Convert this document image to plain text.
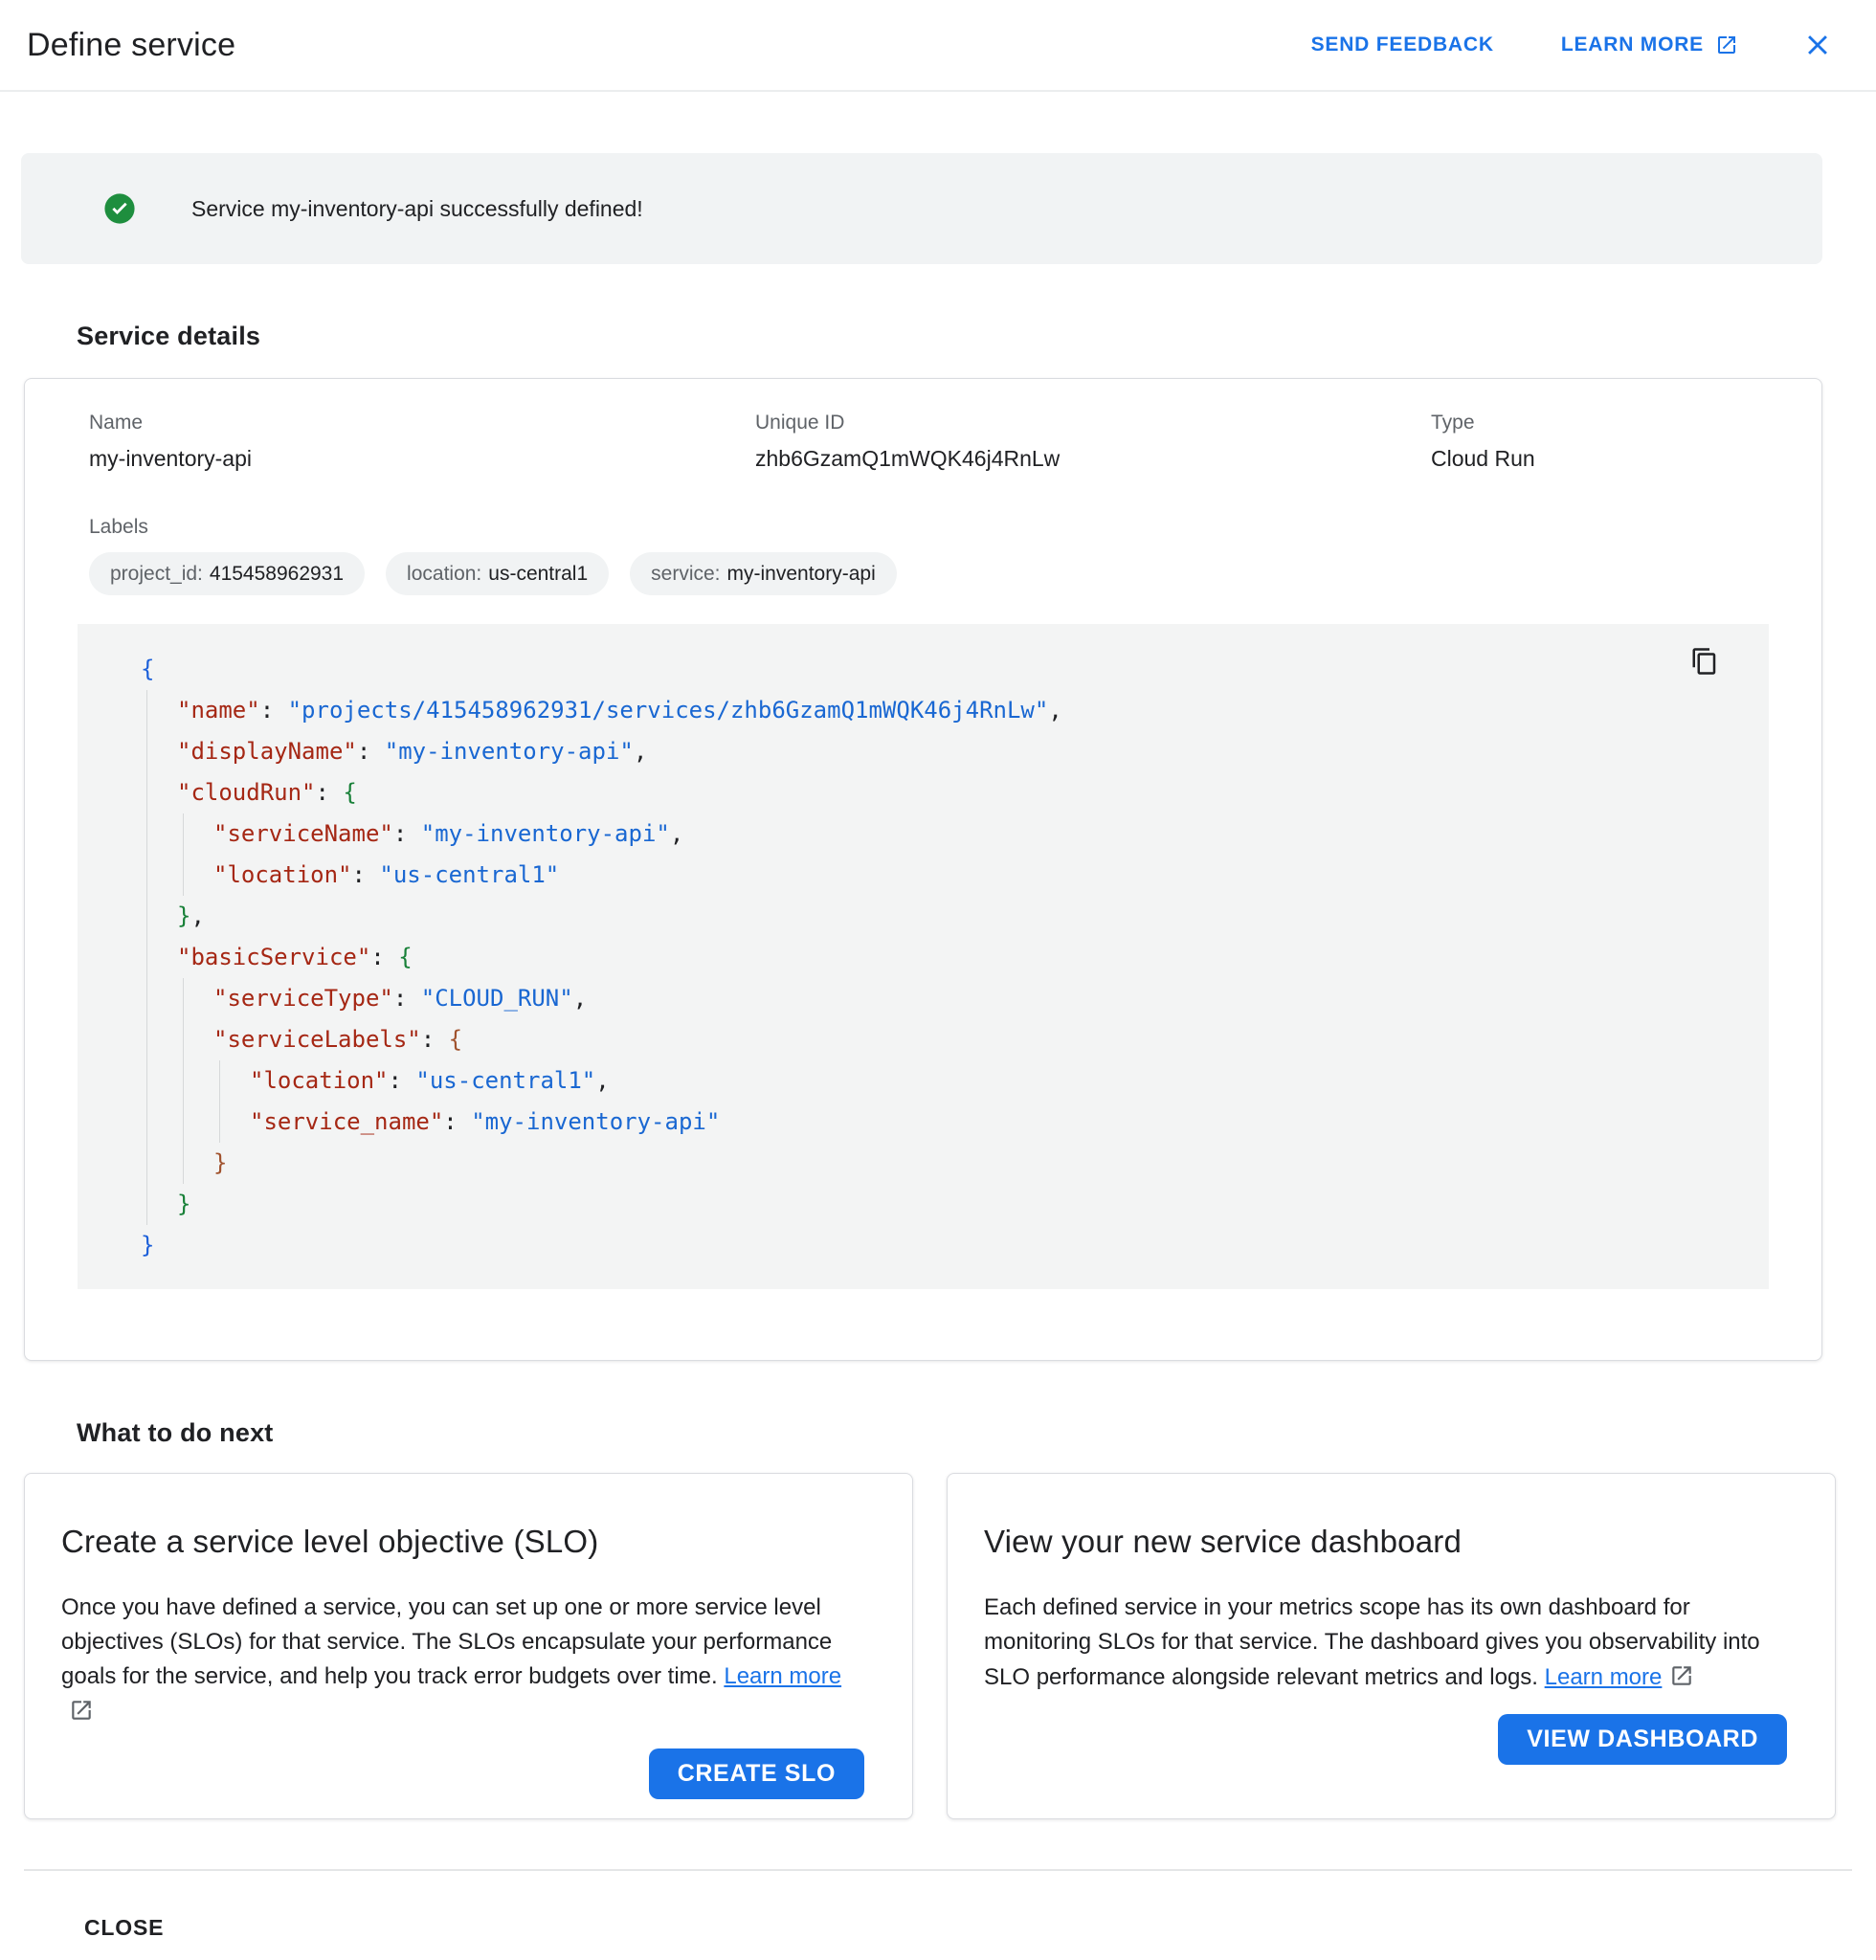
Define service	SEND FEEDBACK	LEARN MORE
Service my-inventory-api successfully defined!
Service details
Name
my-inventory-api
Unique ID
zhb6GzamQ1mWQK46j4RnLw
Type
Cloud Run
Labels
project_id: 415458962931	location: us-central1	service: my-inventory-api
{
"name": "projects/415458962931/services/zhb6GzamQ1mWQK46j4RnLw",
"displayName": "my-inventory-api",
"cloudRun": {
"serviceName": "my-inventory-api",
"location": "us-central1"
},
"basicService": {
"serviceType": "CLOUD_RUN",
"serviceLabels": {
"location": "us-central1",
"service_name": "my-inventory-api"
}
}
}
What to do next
Create a service level objective (SLO)
Once you have defined a service, you can set up one or more service level objectives (SLOs) for that service. The SLOs encapsulate your performance goals for the service, and help you track error budgets over time. Learn more
CREATE SLO
View your new service dashboard
Each defined service in your metrics scope has its own dashboard for monitoring SLOs for that service. The dashboard gives you observability into SLO performance alongside relevant metrics and logs. Learn more
VIEW DASHBOARD
CLOSE
